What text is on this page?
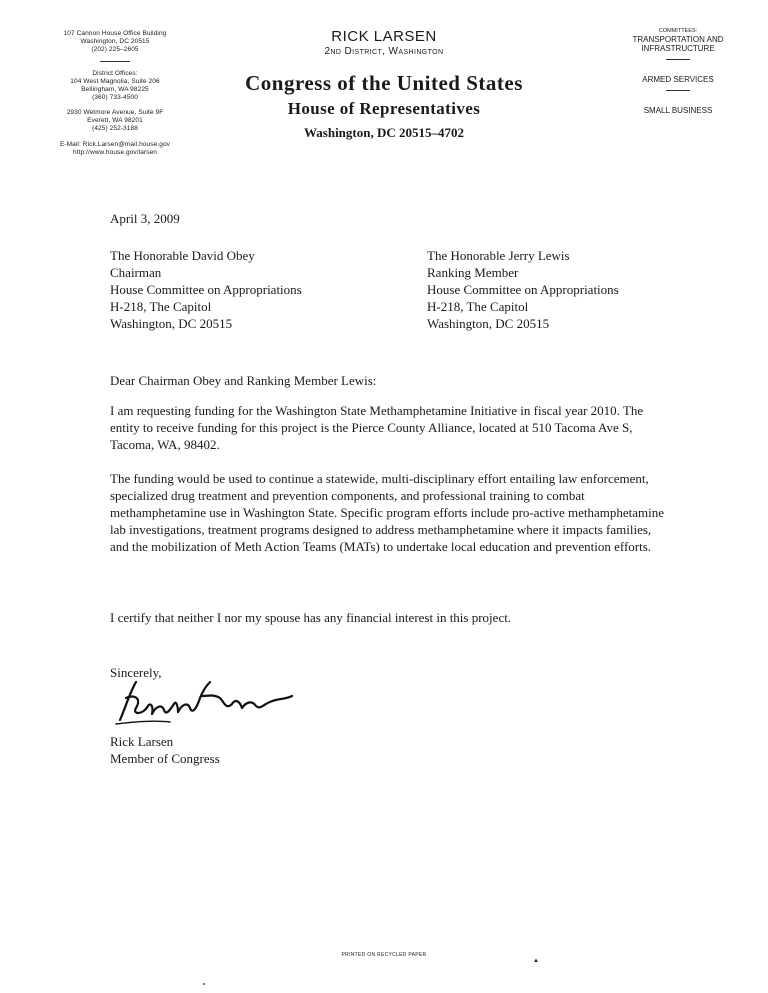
107 Cannon House Office Building
Washington, DC 20515
(202) 225–2605
District Offices:
104 West Magnolia, Suite 206
Bellingham, WA 98225
(360) 733-4500
2930 Wetmore Avenue, Suite 9F
Everett, WA 98201
(425) 252-3188
E-Mail: Rick.Larsen@mail.house.gov
http://www.house.gov/larsen
RICK LARSEN
2nd District, Washington
Congress of the United States
House of Representatives
Washington, DC 20515–4702
COMMITTEES:
TRANSPORTATION AND INFRASTRUCTURE
ARMED SERVICES
SMALL BUSINESS
April 3, 2009
The Honorable David Obey
Chairman
House Committee on Appropriations
H-218, The Capitol
Washington, DC 20515
The Honorable Jerry Lewis
Ranking Member
House Committee on Appropriations
H-218, The Capitol
Washington, DC 20515
Dear Chairman Obey and Ranking Member Lewis:
I am requesting funding for the Washington State Methamphetamine Initiative in fiscal year 2010. The entity to receive funding for this project is the Pierce County Alliance, located at 510 Tacoma Ave S, Tacoma, WA, 98402.
The funding would be used to continue a statewide, multi-disciplinary effort entailing law enforcement, specialized drug treatment and prevention components, and professional training to combat methamphetamine use in Washington State. Specific program efforts include pro-active methamphetamine lab investigations, treatment programs designed to address methamphetamine where it impacts families, and the mobilization of Meth Action Teams (MATs) to undertake local education and prevention efforts.
I certify that neither I nor my spouse has any financial interest in this project.
Sincerely,
Rick Larsen
Member of Congress
PRINTED ON RECYCLED PAPER
▲
